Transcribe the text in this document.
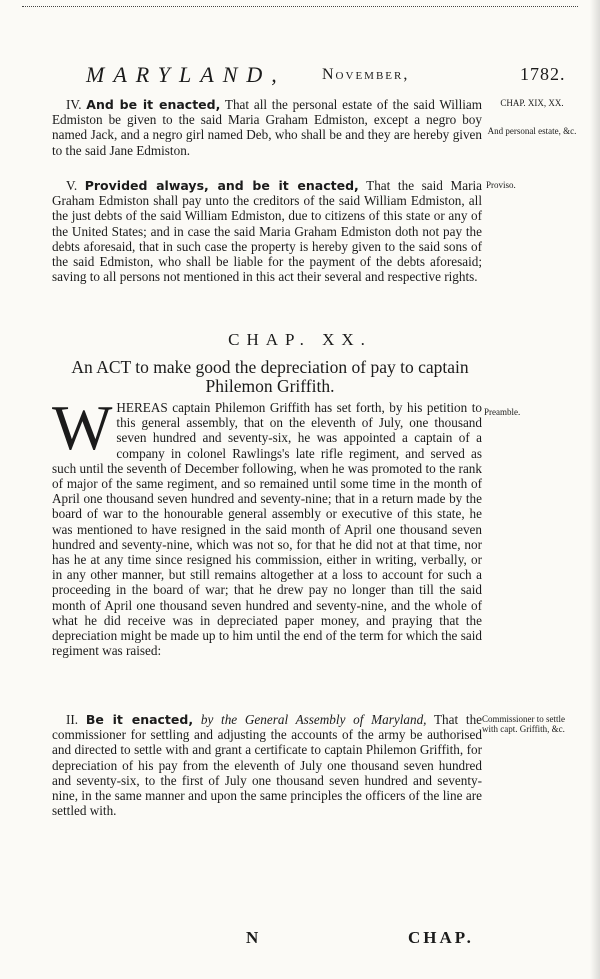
MARYLAND, November,	1782.
IV. And be it enacted, That all the personal estate of the said William Edmiston be given to the said Maria Graham Edmiston, except a negro boy named Jack, and a negro girl named Deb, who shall be and they are hereby given to the said Jane Edmiston.
CHAP. XIX, XX.
And personal estate, &c.
V. Provided always, and be it enacted, That the said Maria Graham Edmiston shall pay unto the creditors of the said William Edmiston, all the just debts of the said William Edmiston, due to citizens of this state or any of the United States; and in case the said Maria Graham Edmiston doth not pay the debts aforesaid, that in such case the property is hereby given to the said sons of the said Edmiston, who shall be liable for the payment of the debts aforesaid; saving to all persons not mentioned in this act their several and respective rights.
Proviso.
CHAP. XX.
An ACT to make good the depreciation of pay to captain Philemon Griffith.
W HEREAS captain Philemon Griffith has set forth, by his petition to this general assembly, that on the eleventh of July, one thousand seven hundred and seventy-six, he was appointed a captain of a company in colonel Rawlings's late rifle regiment, and served as such until the seventh of December following, when he was promoted to the rank of major of the same regiment, and so remained until some time in the month of April one thousand seven hundred and seventy-nine; that in a return made by the board of war to the honourable general assembly or executive of this state, he was mentioned to have resigned in the said month of April one thousand seven hundred and seventy-nine, which was not so, for that he did not at that time, nor has he at any time since resigned his commission, either in writing, verbally, or in any other manner, but still remains altogether at a loss to account for such a proceeding in the board of war; that he drew pay no longer than till the said month of April one thousand seven hundred and seventy-nine, and the whole of what he did receive was in depreciated paper money, and praying that the depreciation might be made up to him until the end of the term for which the said regiment was raised:
Preamble.
II. Be it enacted, by the General Assembly of Maryland, That the commissioner for settling and adjusting the accounts of the army be authorised and directed to settle with and grant a certificate to captain Philemon Griffith, for depreciation of his pay from the eleventh of July one thousand seven hundred and seventy-six, to the first of July one thousand seven hundred and seventy-nine, in the same manner and upon the same principles the officers of the line are settled with.
Commissioner to settle with capt. Griffith, &c.
N	CHAP.
